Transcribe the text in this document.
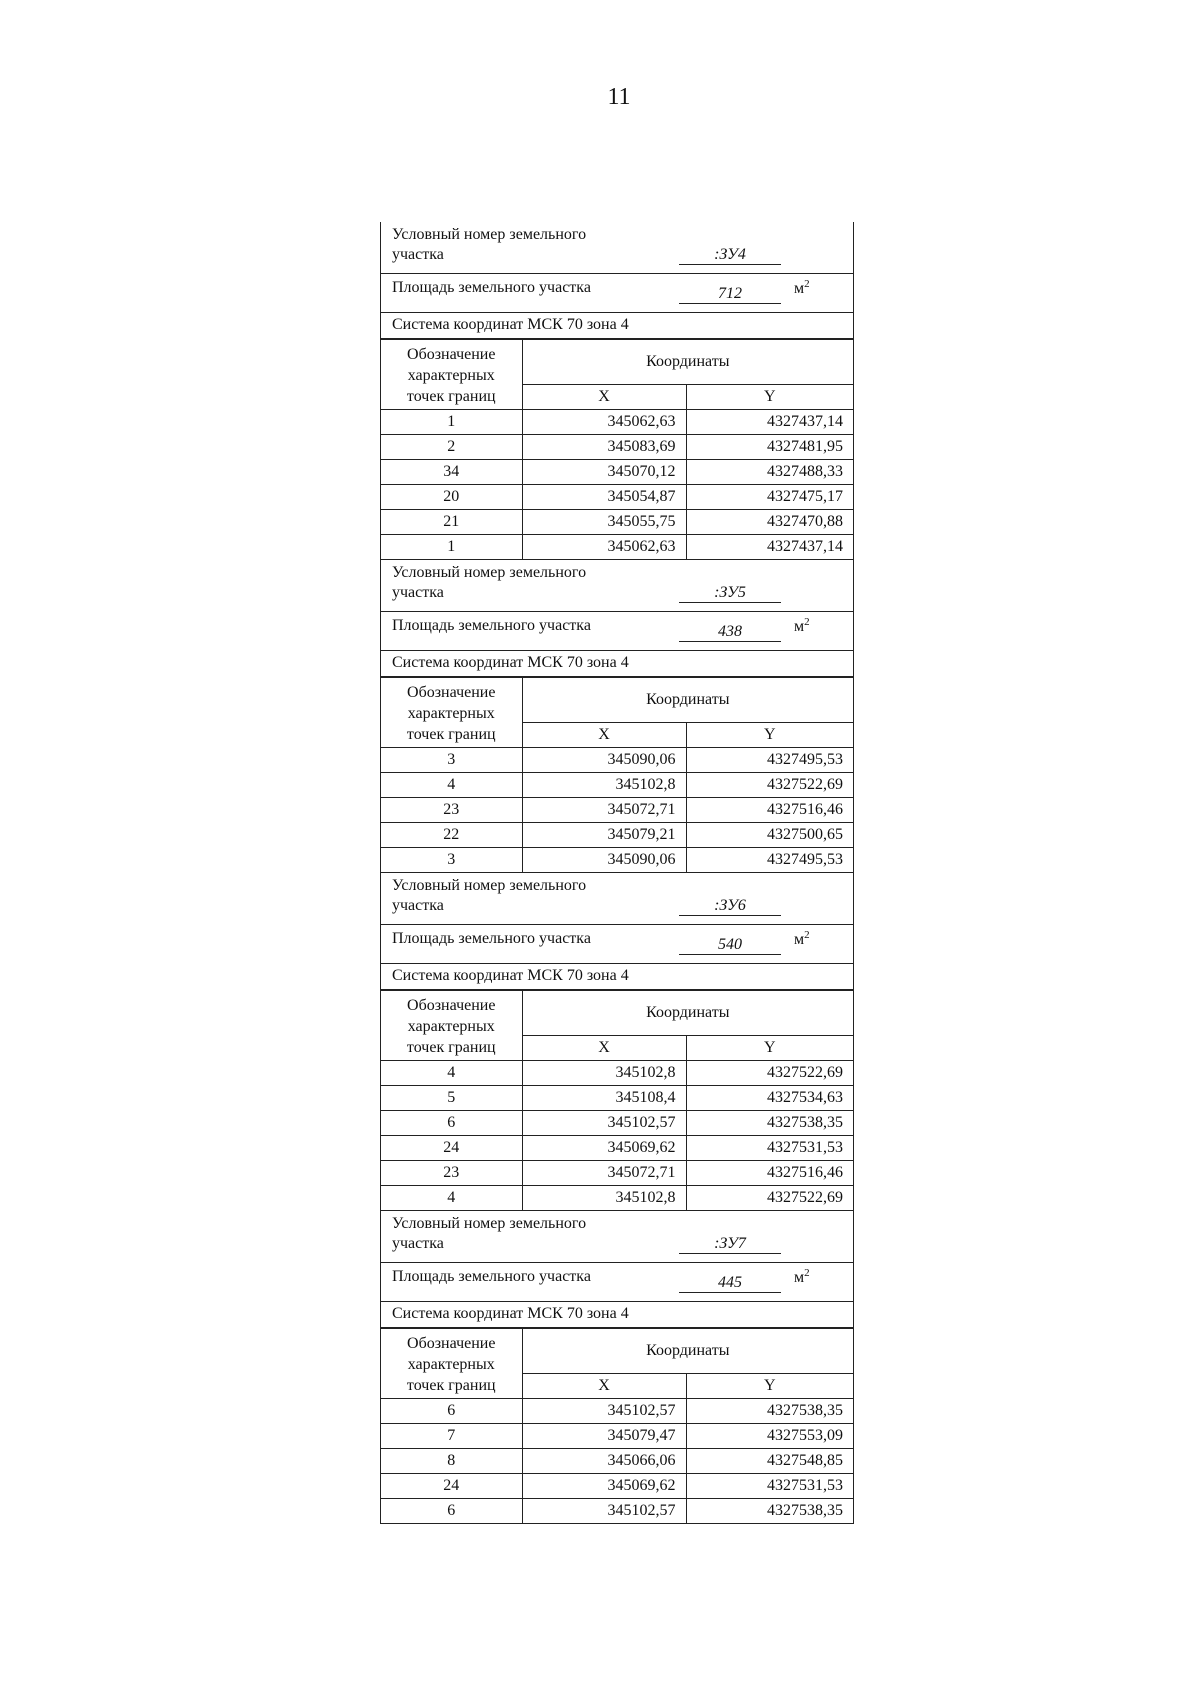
11
Условный номер земельного
участка	:ЗУ4
Площадь земельного участка	712	$м^2$
Система координат МСК 70 зона 4
Обозначение
характерных
точек границ	Координаты	
	X	Y
1	345062,63	4327437,14
2	345083,69	4327481,95
34	345070,12	4327488,33
20	345054,87	4327475,17
21	345055,75	4327470,88
1	345062,63	4327437,14
Условный номер земельного
участка	:ЗУ5
Площадь земельного участка	438	$м^2$
Система координат МСК 70 зона 4
Обозначение
характерных
точек границ	Координаты	
	X	Y
3	345090,06	4327495,53
4	345102,8	4327522,69
23	345072,71	4327516,46
22	345079,21	4327500,65
3	345090,06	4327495,53
Условный номер земельного
участка	:ЗУ6
Площадь земельного участка	540	$м^2$
Система координат МСК 70 зона 4
Обозначение
характерных
точек границ	Координаты	
	X	Y
4	345102,8	4327522,69
5	345108,4	4327534,63
6	345102,57	4327538,35
24	345069,62	4327531,53
23	345072,71	4327516,46
4	345102,8	4327522,69
Условный номер земельного
участка	:ЗУ7
Площадь земельного участка	445	$м^2$
Система координат МСК 70 зона 4
Обозначение
характерных
точек границ	Координаты	
	X	Y
6	345102,57	4327538,35
7	345079,47	4327553,09
8	345066,06	4327548,85
24	345069,62	4327531,53
6	345102,57	4327538,35
